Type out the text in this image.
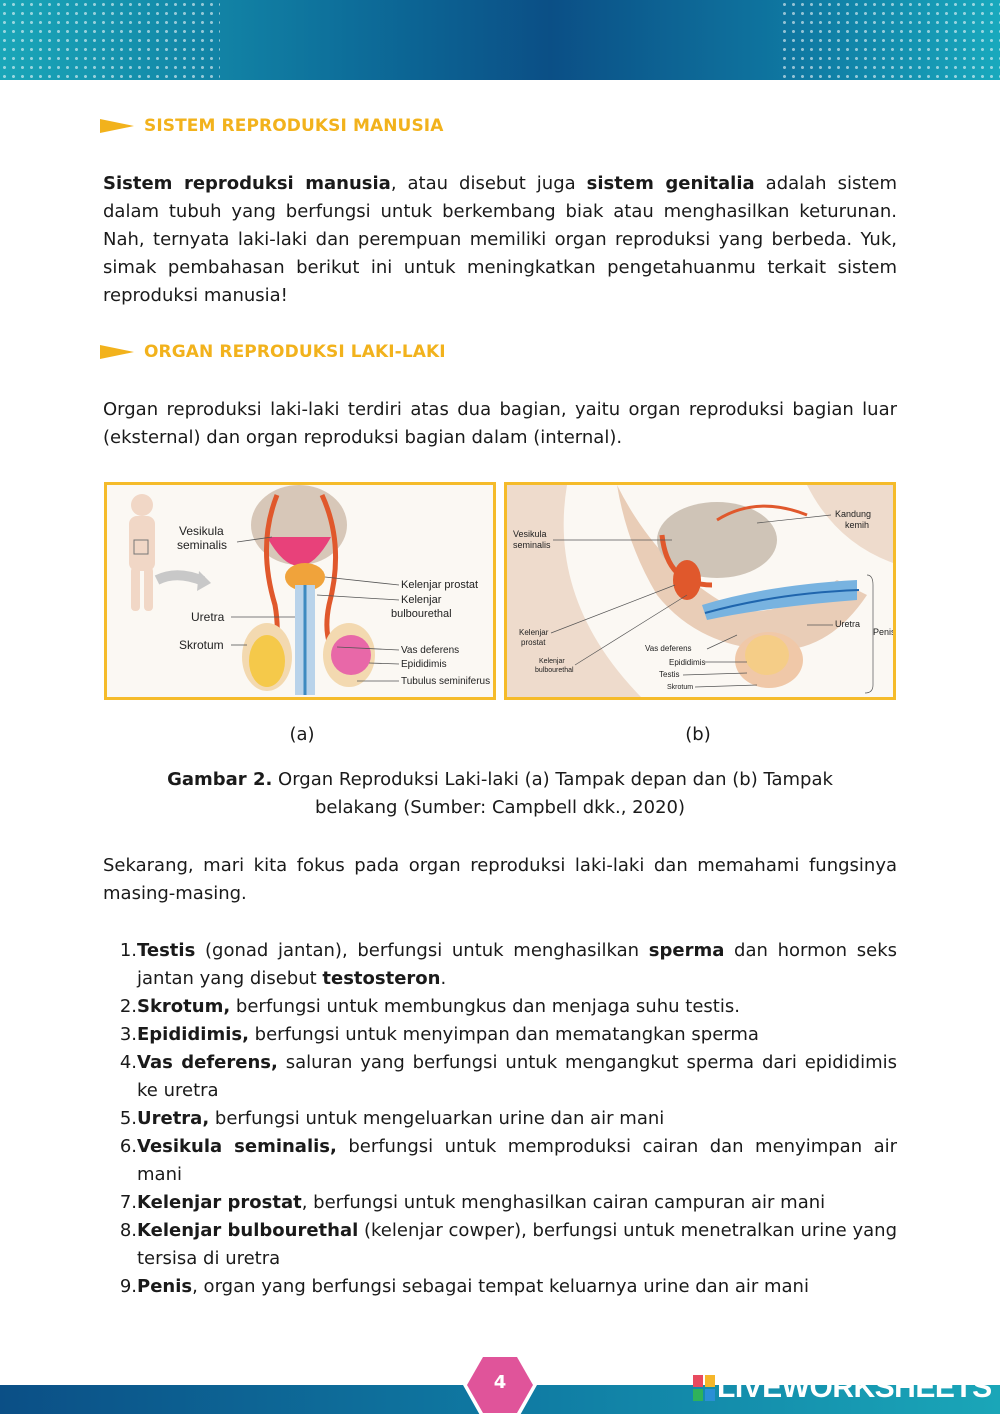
SISTEM REPRODUKSI MANUSIA

Sistem reproduksi manusia, atau disebut juga sistem genitalia adalah sistem dalam tubuh yang berfungsi untuk berkembang biak atau menghasilkan keturunan. Nah, ternyata laki-laki dan perempuan memiliki organ reproduksi yang berbeda. Yuk, simak pembahasan berikut ini untuk meningkatkan pengetahuanmu terkait sistem reproduksi manusia!

ORGAN REPRODUKSI LAKI-LAKI

Organ reproduksi laki-laki terdiri atas dua bagian, yaitu organ reproduksi bagian luar (eksternal) dan organ reproduksi bagian dalam (internal).

Vesikula
seminalis
Uretra
Skrotum
Kelenjar prostat
Kelenjar
bulbourethal
Vas deferens
Epididimis
Tubulus seminiferus
Vesikula
seminalis
Kandung
kemih
Uretra
Penis
Kelenjar
prostat
Vas deferens
Kelenjar
bulbourethal
Epididimis
Testis
Skrotum
(a)	(b)

Gambar 2. Organ Reproduksi Laki-laki (a) Tampak depan dan (b) Tampak belakang (Sumber: Campbell dkk., 2020)

Sekarang, mari kita fokus pada organ reproduksi laki-laki dan memahami fungsinya masing-masing.

1. Testis (gonad jantan), berfungsi untuk menghasilkan sperma dan hormon seks jantan yang disebut testosteron.
2. Skrotum, berfungsi untuk membungkus dan menjaga suhu testis.
3. Epididimis, berfungsi untuk menyimpan dan mematangkan sperma
4. Vas deferens, saluran yang berfungsi untuk mengangkut sperma dari epididimis ke uretra
5. Uretra, berfungsi untuk mengeluarkan urine dan air mani
6. Vesikula seminalis, berfungsi untuk memproduksi cairan dan menyimpan air mani
7. Kelenjar prostat, berfungsi untuk menghasilkan cairan campuran air mani
8. Kelenjar bulbourethal (kelenjar cowper), berfungsi untuk menetralkan urine yang tersisa di uretra
9. Penis, organ yang berfungsi sebagai tempat keluarnya urine dan air mani
4	LIVEWORKSHEETS
